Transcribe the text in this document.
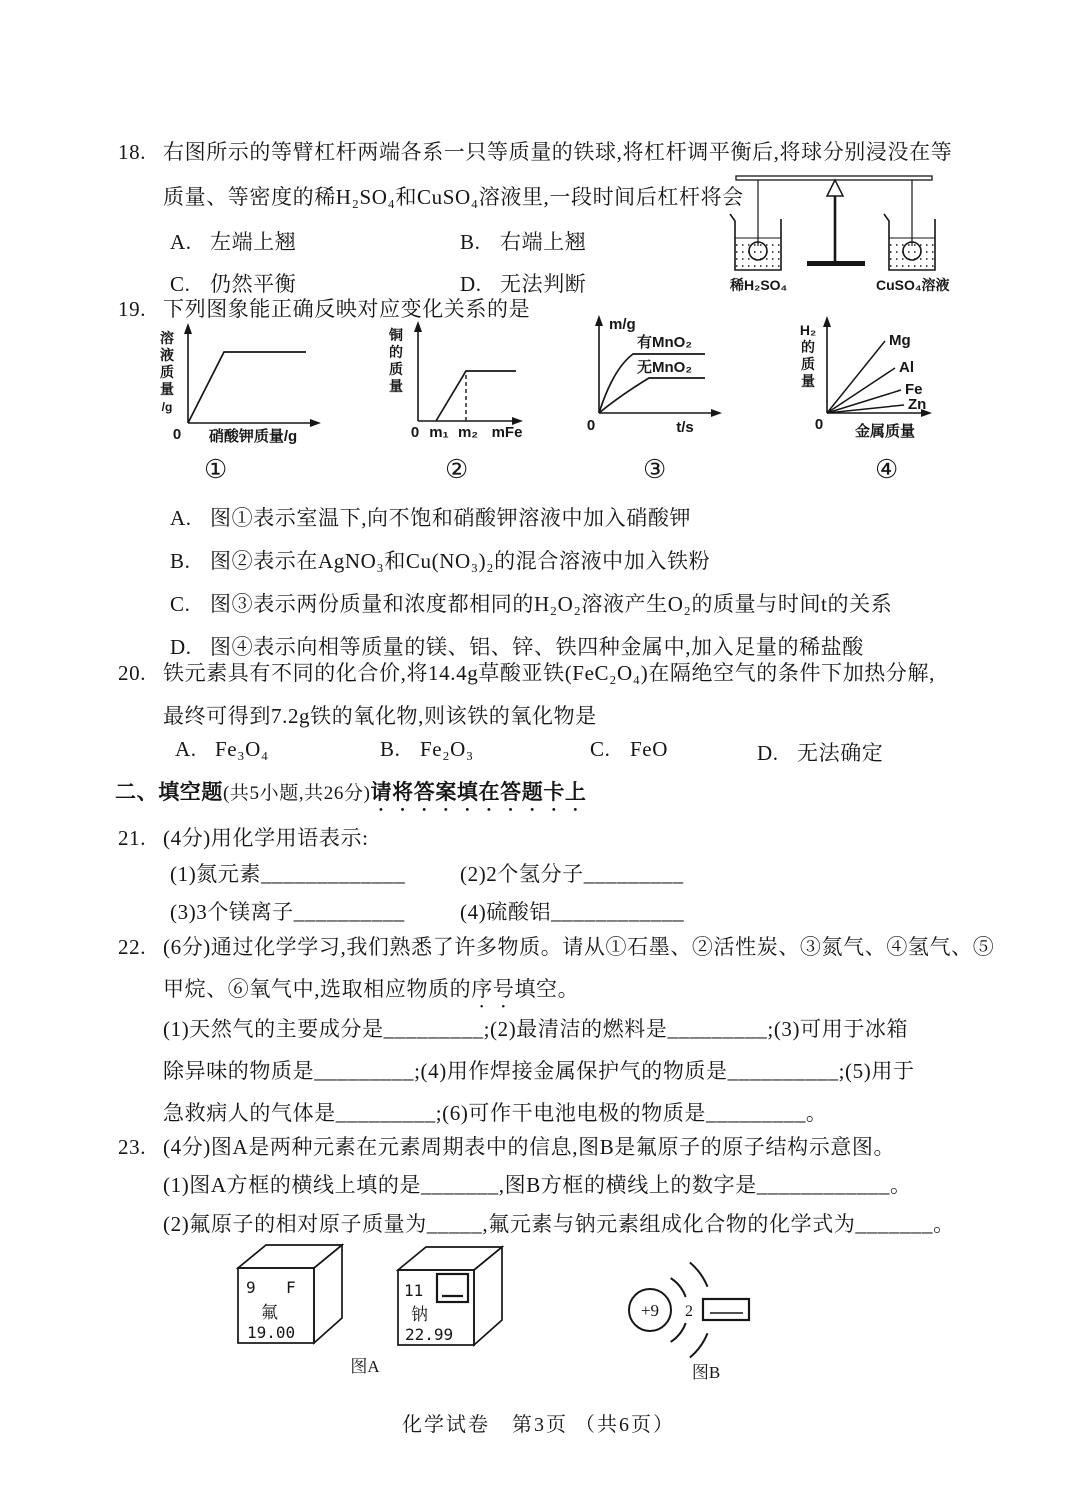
18. 右图所示的等臂杠杆两端各系一只等质量的铁球,将杠杆调平衡后,将球分别浸没在等
质量、等密度的稀H₂SO₄和CuSO₄溶液里,一段时间后杠杆将会
A. 左端上翘	B. 右端上翘
C. 仍然平衡	D. 无法判断	稀H₂SO₄	CuSO₄溶液
19. 下列图象能正确反映对应变化关系的是
溶
液
质
量
/g
0 硝酸钾质量/g
铜
的
质
量
0 m₁ m₂ mFe
m/g
有MnO₂
无MnO₂
0	t/s
H₂
的
质
量
Mg
Al
Fe
Zn
0 金属质量
①	②	③	④
A. 图①表示室温下,向不饱和硝酸钾溶液中加入硝酸钾
B. 图②表示在AgNO₃和Cu(NO₃)₂的混合溶液中加入铁粉
C. 图③表示两份质量和浓度都相同的H₂O₂溶液产生O₂的质量与时间t的关系
D. 图④表示向相等质量的镁、铝、锌、铁四种金属中,加入足量的稀盐酸
20. 铁元素具有不同的化合价,将14.4g草酸亚铁(FeC₂O₄)在隔绝空气的条件下加热分解,
最终可得到7.2g铁的氧化物,则该铁的氧化物是
A. Fe₃O₄	B. Fe₂O₃	C. FeO	D. 无法确定
二、填空题(共5小题,共26分)请将答案填在答题卡上
21. (4分)用化学用语表示:
(1)氮元素_____________	(2)2个氢分子_________
(3)3个镁离子__________	(4)硫酸铝____________
22. (6分)通过化学学习,我们熟悉了许多物质。请从①石墨、②活性炭、③氮气、④氢气、⑤
甲烷、⑥氧气中,选取相应物质的序号填空。
(1)天然气的主要成分是_________;(2)最清洁的燃料是_________;(3)可用于冰箱
除异味的物质是_________;(4)用作焊接金属保护气的物质是__________;(5)用于
急救病人的气体是_________;(6)可作干电池电极的物质是_________。
23. (4分)图A是两种元素在元素周期表中的信息,图B是氟原子的原子结构示意图。
(1)图A方框的横线上填的是_______,图B方框的横线上的数字是____________。
(2)氟原子的相对原子质量为_____,氟元素与钠元素组成化合物的化学式为_______。
9 F
氟
19.00
11
钠
22.99
图A
+9 2
图B
化学试卷　第3页 （共6页）
